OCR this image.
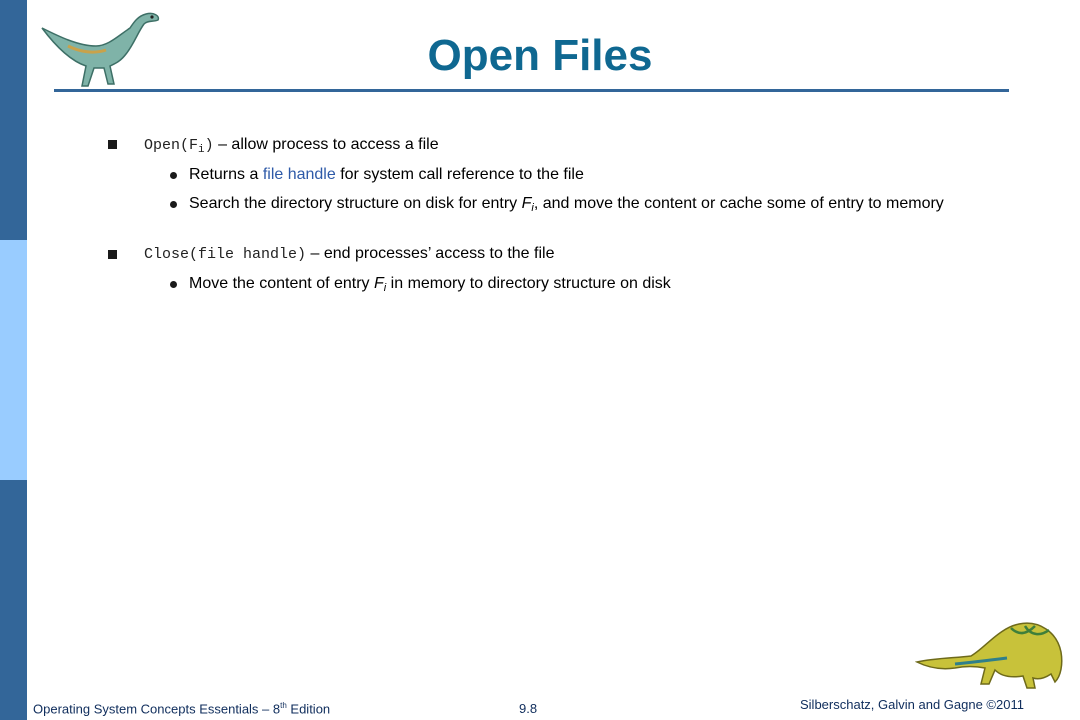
Open Files
$Open(F_i)$ – allow process to access a file
Returns a file handle for system call reference to the file
Search the directory structure on disk for entry $F_i$, and move the content or cache some of entry to memory
Close(file handle) – end processes’ access to the file
Move the content of entry $F_i$ in memory to directory structure on disk
Operating System Concepts Essentials – 8th Edition	9.8	Silberschatz, Galvin and Gagne ©2011
